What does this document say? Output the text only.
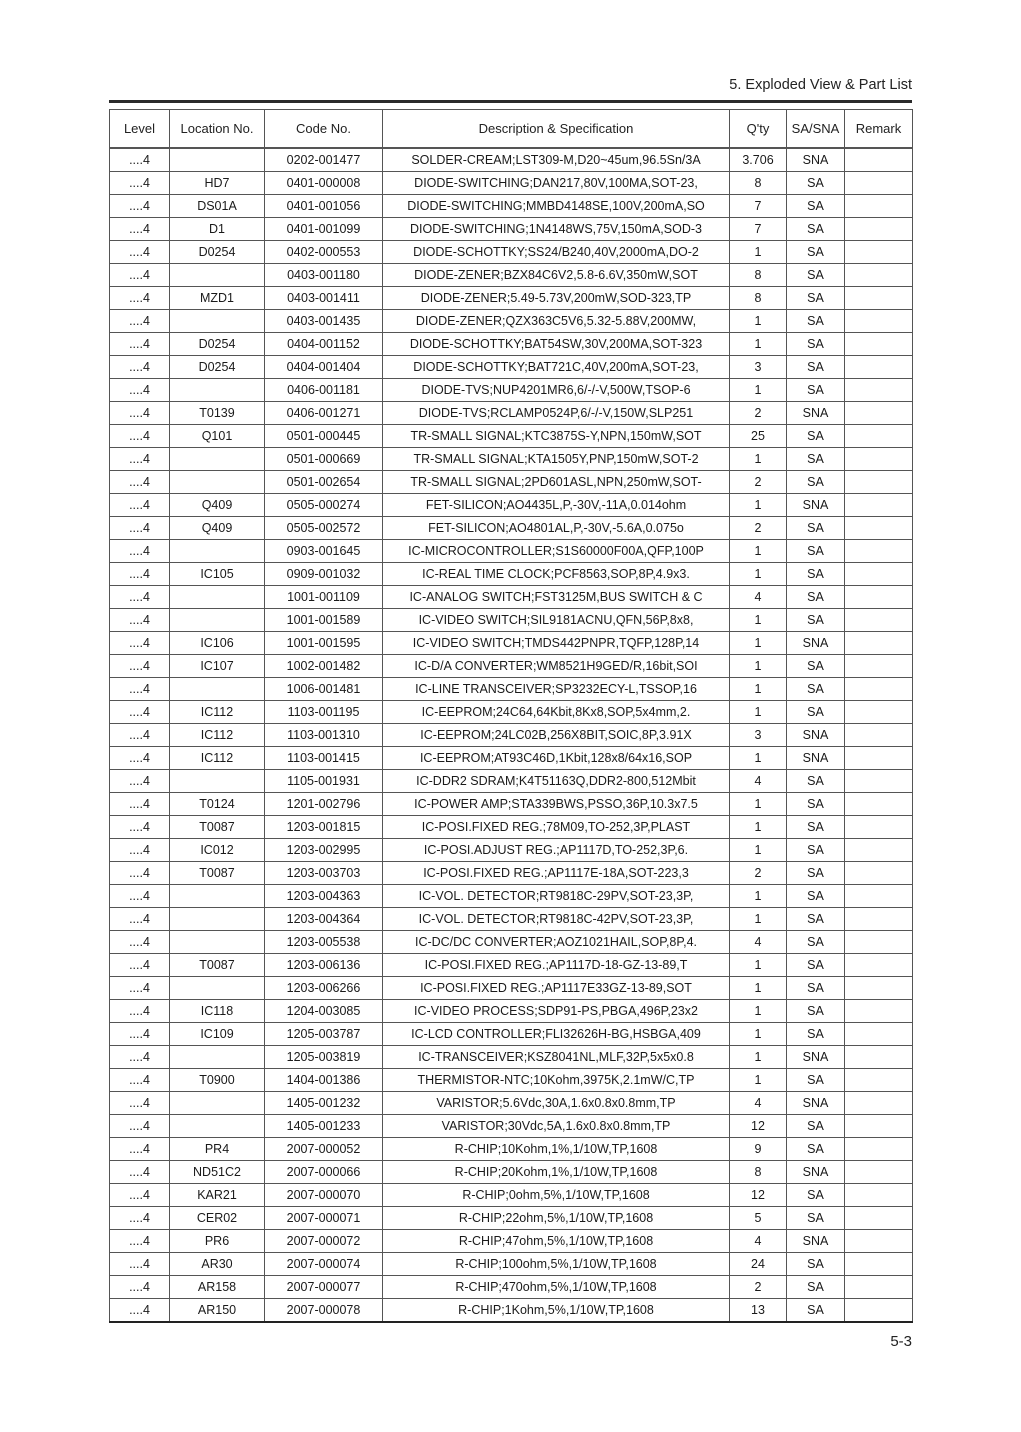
5. Exploded View & Part List
Level	Location No.	Code No.	Description & Specification	Q'ty	SA/SNA	Remark
....4		0202-001477	SOLDER-CREAM;LST309-M,D20~45um,96.5Sn/3A	3.706	SNA	
....4	HD7	0401-000008	DIODE-SWITCHING;DAN217,80V,100MA,SOT-23,	8	SA	
....4	DS01A	0401-001056	DIODE-SWITCHING;MMBD4148SE,100V,200mA,SO	7	SA	
....4	D1	0401-001099	DIODE-SWITCHING;1N4148WS,75V,150mA,SOD-3	7	SA	
....4	D0254	0402-000553	DIODE-SCHOTTKY;SS24/B240,40V,2000mA,DO-2	1	SA	
....4		0403-001180	DIODE-ZENER;BZX84C6V2,5.8-6.6V,350mW,SOT	8	SA	
....4	MZD1	0403-001411	DIODE-ZENER;5.49-5.73V,200mW,SOD-323,TP	8	SA	
....4		0403-001435	DIODE-ZENER;QZX363C5V6,5.32-5.88V,200MW,	1	SA	
....4	D0254	0404-001152	DIODE-SCHOTTKY;BAT54SW,30V,200MA,SOT-323	1	SA	
....4	D0254	0404-001404	DIODE-SCHOTTKY;BAT721C,40V,200mA,SOT-23,	3	SA	
....4		0406-001181	DIODE-TVS;NUP4201MR6,6/-/-V,500W,TSOP-6	1	SA	
....4	T0139	0406-001271	DIODE-TVS;RCLAMP0524P,6/-/-V,150W,SLP251	2	SNA	
....4	Q101	0501-000445	TR-SMALL SIGNAL;KTC3875S-Y,NPN,150mW,SOT	25	SA	
....4		0501-000669	TR-SMALL SIGNAL;KTA1505Y,PNP,150mW,SOT-2	1	SA	
....4		0501-002654	TR-SMALL SIGNAL;2PD601ASL,NPN,250mW,SOT-	2	SA	
....4	Q409	0505-000274	FET-SILICON;AO4435L,P,-30V,-11A,0.014ohm	1	SNA	
....4	Q409	0505-002572	FET-SILICON;AO4801AL,P,-30V,-5.6A,0.075o	2	SA	
....4		0903-001645	IC-MICROCONTROLLER;S1S60000F00A,QFP,100P	1	SA	
....4	IC105	0909-001032	IC-REAL TIME CLOCK;PCF8563,SOP,8P,4.9x3.	1	SA	
....4		1001-001109	IC-ANALOG SWITCH;FST3125M,BUS SWITCH & C	4	SA	
....4		1001-001589	IC-VIDEO SWITCH;SIL9181ACNU,QFN,56P,8x8,	1	SA	
....4	IC106	1001-001595	IC-VIDEO SWITCH;TMDS442PNPR,TQFP,128P,14	1	SNA	
....4	IC107	1002-001482	IC-D/A CONVERTER;WM8521H9GED/R,16bit,SOI	1	SA	
....4		1006-001481	IC-LINE TRANSCEIVER;SP3232ECY-L,TSSOP,16	1	SA	
....4	IC112	1103-001195	IC-EEPROM;24C64,64Kbit,8Kx8,SOP,5x4mm,2.	1	SA	
....4	IC112	1103-001310	IC-EEPROM;24LC02B,256X8BIT,SOIC,8P,3.91X	3	SNA	
....4	IC112	1103-001415	IC-EEPROM;AT93C46D,1Kbit,128x8/64x16,SOP	1	SNA	
....4		1105-001931	IC-DDR2 SDRAM;K4T51163Q,DDR2-800,512Mbit	4	SA	
....4	T0124	1201-002796	IC-POWER AMP;STA339BWS,PSSO,36P,10.3x7.5	1	SA	
....4	T0087	1203-001815	IC-POSI.FIXED REG.;78M09,TO-252,3P,PLAST	1	SA	
....4	IC012	1203-002995	IC-POSI.ADJUST REG.;AP1117D,TO-252,3P,6.	1	SA	
....4	T0087	1203-003703	IC-POSI.FIXED REG.;AP1117E-18A,SOT-223,3	2	SA	
....4		1203-004363	IC-VOL. DETECTOR;RT9818C-29PV,SOT-23,3P,	1	SA	
....4		1203-004364	IC-VOL. DETECTOR;RT9818C-42PV,SOT-23,3P,	1	SA	
....4		1203-005538	IC-DC/DC CONVERTER;AOZ1021HAIL,SOP,8P,4.	4	SA	
....4	T0087	1203-006136	IC-POSI.FIXED REG.;AP1117D-18-GZ-13-89,T	1	SA	
....4		1203-006266	IC-POSI.FIXED REG.;AP1117E33GZ-13-89,SOT	1	SA	
....4	IC118	1204-003085	IC-VIDEO PROCESS;SDP91-PS,PBGA,496P,23x2	1	SA	
....4	IC109	1205-003787	IC-LCD CONTROLLER;FLI32626H-BG,HSBGA,409	1	SA	
....4		1205-003819	IC-TRANSCEIVER;KSZ8041NL,MLF,32P,5x5x0.8	1	SNA	
....4	T0900	1404-001386	THERMISTOR-NTC;10Kohm,3975K,2.1mW/C,TP	1	SA	
....4		1405-001232	VARISTOR;5.6Vdc,30A,1.6x0.8x0.8mm,TP	4	SNA	
....4		1405-001233	VARISTOR;30Vdc,5A,1.6x0.8x0.8mm,TP	12	SA	
....4	PR4	2007-000052	R-CHIP;10Kohm,1%,1/10W,TP,1608	9	SA	
....4	ND51C2	2007-000066	R-CHIP;20Kohm,1%,1/10W,TP,1608	8	SNA	
....4	KAR21	2007-000070	R-CHIP;0ohm,5%,1/10W,TP,1608	12	SA	
....4	CER02	2007-000071	R-CHIP;22ohm,5%,1/10W,TP,1608	5	SA	
....4	PR6	2007-000072	R-CHIP;47ohm,5%,1/10W,TP,1608	4	SNA	
....4	AR30	2007-000074	R-CHIP;100ohm,5%,1/10W,TP,1608	24	SA	
....4	AR158	2007-000077	R-CHIP;470ohm,5%,1/10W,TP,1608	2	SA	
....4	AR150	2007-000078	R-CHIP;1Kohm,5%,1/10W,TP,1608	13	SA	
5-3
